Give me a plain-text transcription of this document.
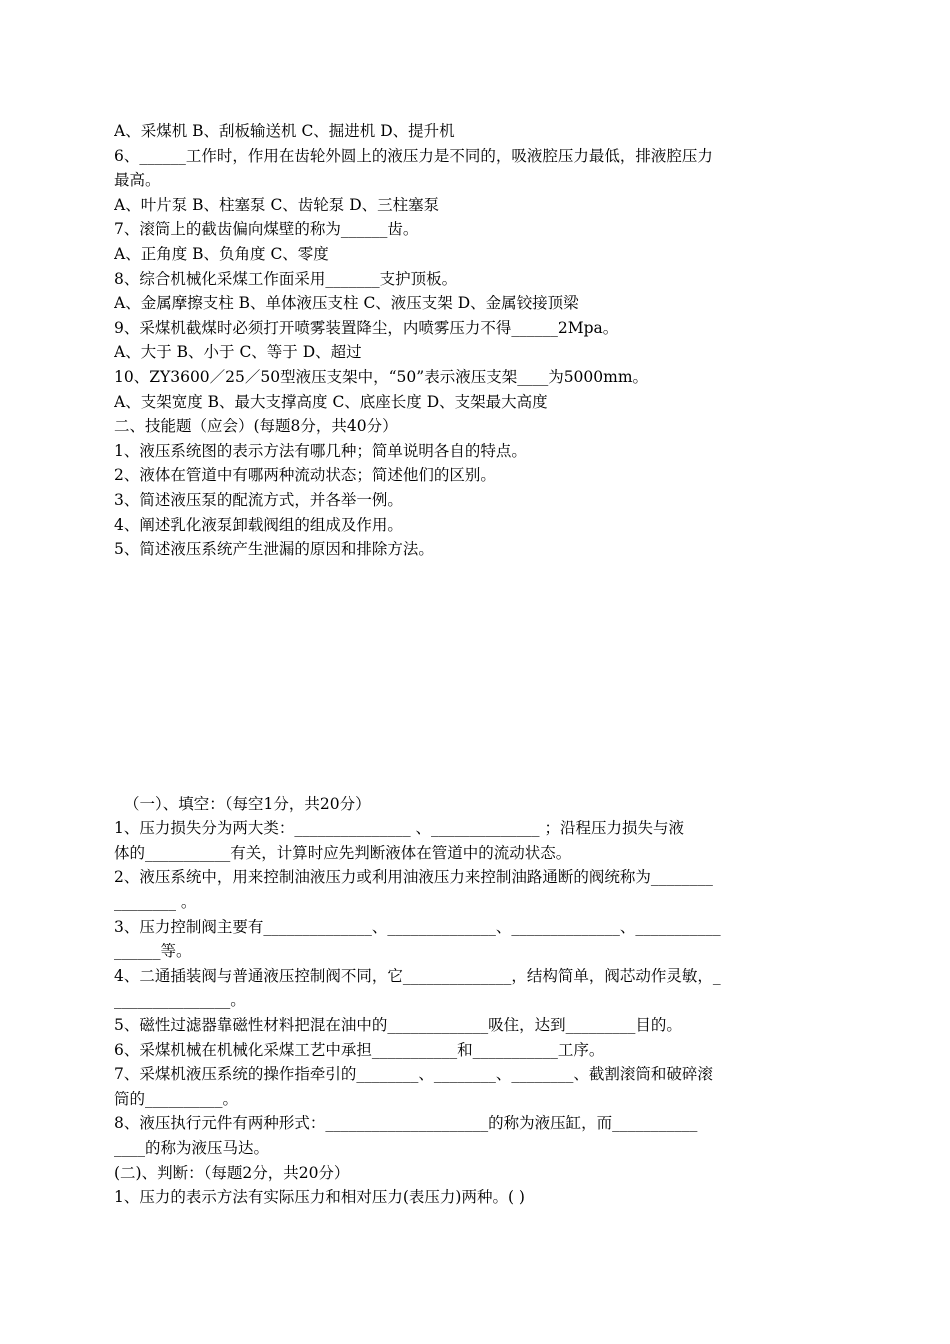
A、采煤机 B、刮板输送机 C、掘进机 D、提升机
6、______工作时，作用在齿轮外圆上的液压力是不同的，吸液腔压力最低，排液腔压力
最高。
A、叶片泵 B、柱塞泵 C、齿轮泵 D、三柱塞泵
7、滚筒上的截齿偏向煤壁的称为______齿。
A、正角度 B、负角度 C、零度
8、综合机械化采煤工作面采用_______支护顶板。
A、金属摩擦支柱 B、单体液压支柱 C、液压支架 D、金属铰接顶梁
9、采煤机截煤时必须打开喷雾装置降尘，内喷雾压力不得______2Mpa。
A、大于 B、小于 C、等于 D、超过
10、ZY3600／25／50型液压支架中，“50”表示液压支架____为5000mm。
A、支架宽度 B、最大支撑高度 C、底座长度 D、支架最大高度
二、技能题（应会）(每题8分，共40分）
1、液压系统图的表示方法有哪几种；简单说明各自的特点。
2、液体在管道中有哪两种流动状态；简述他们的区别。
3、简述液压泵的配流方式，并各举一例。
4、阐述乳化液泵卸载阀组的组成及作用。
5、简述液压系统产生泄漏的原因和排除方法。
（一）、填空：（每空1分，共20分）
1、压力损失分为两大类：_______________ 、______________ ；沿程压力损失与液
体的___________有关，计算时应先判断液体在管道中的流动状态。
2、液压系统中，用来控制油液压力或利用油液压力来控制油路通断的阀统称为________
________ 。
3、压力控制阀主要有______________、______________、______________、___________
______等。
4、二通插装阀与普通液压控制阀不同，它______________，结构简单，阀芯动作灵敏，_
_______________。
5、磁性过滤器靠磁性材料把混在油中的_____________吸住，达到_________目的。
6、采煤机械在机械化采煤工艺中承担___________和___________工序。
7、采煤机液压系统的操作指牵引的________、________、________、截割滚筒和破碎滚
筒的__________。
8、液压执行元件有两种形式：_____________________的称为液压缸，而___________
____的称为液压马达。
(二)、判断：（每题2分，共20分）
1、压力的表示方法有实际压力和相对压力(表压力)两种。( )
